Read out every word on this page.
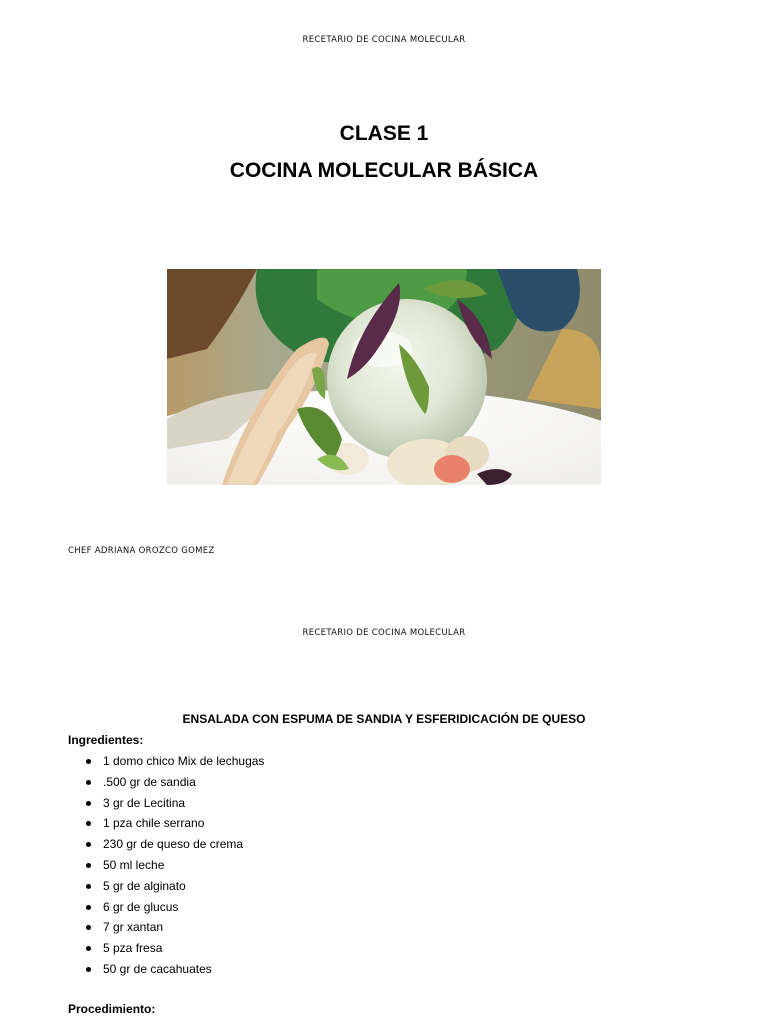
RECETARIO DE COCINA MOLECULAR
CLASE 1
COCINA MOLECULAR BÁSICA
CHEF ADRIANA OROZCO GOMEZ
RECETARIO DE COCINA MOLECULAR
ENSALADA CON ESPUMA DE SANDIA Y ESFERIDICACIÓN DE QUESO
Ingredientes:
1 domo chico Mix de lechugas
.500 gr de sandia
3 gr de Lecitina
1 pza chile serrano
230 gr de queso de crema
50 ml leche
5 gr de alginato
6 gr de glucus
7 gr xantan
5 pza fresa
50 gr de cacahuates
Procedimiento:
